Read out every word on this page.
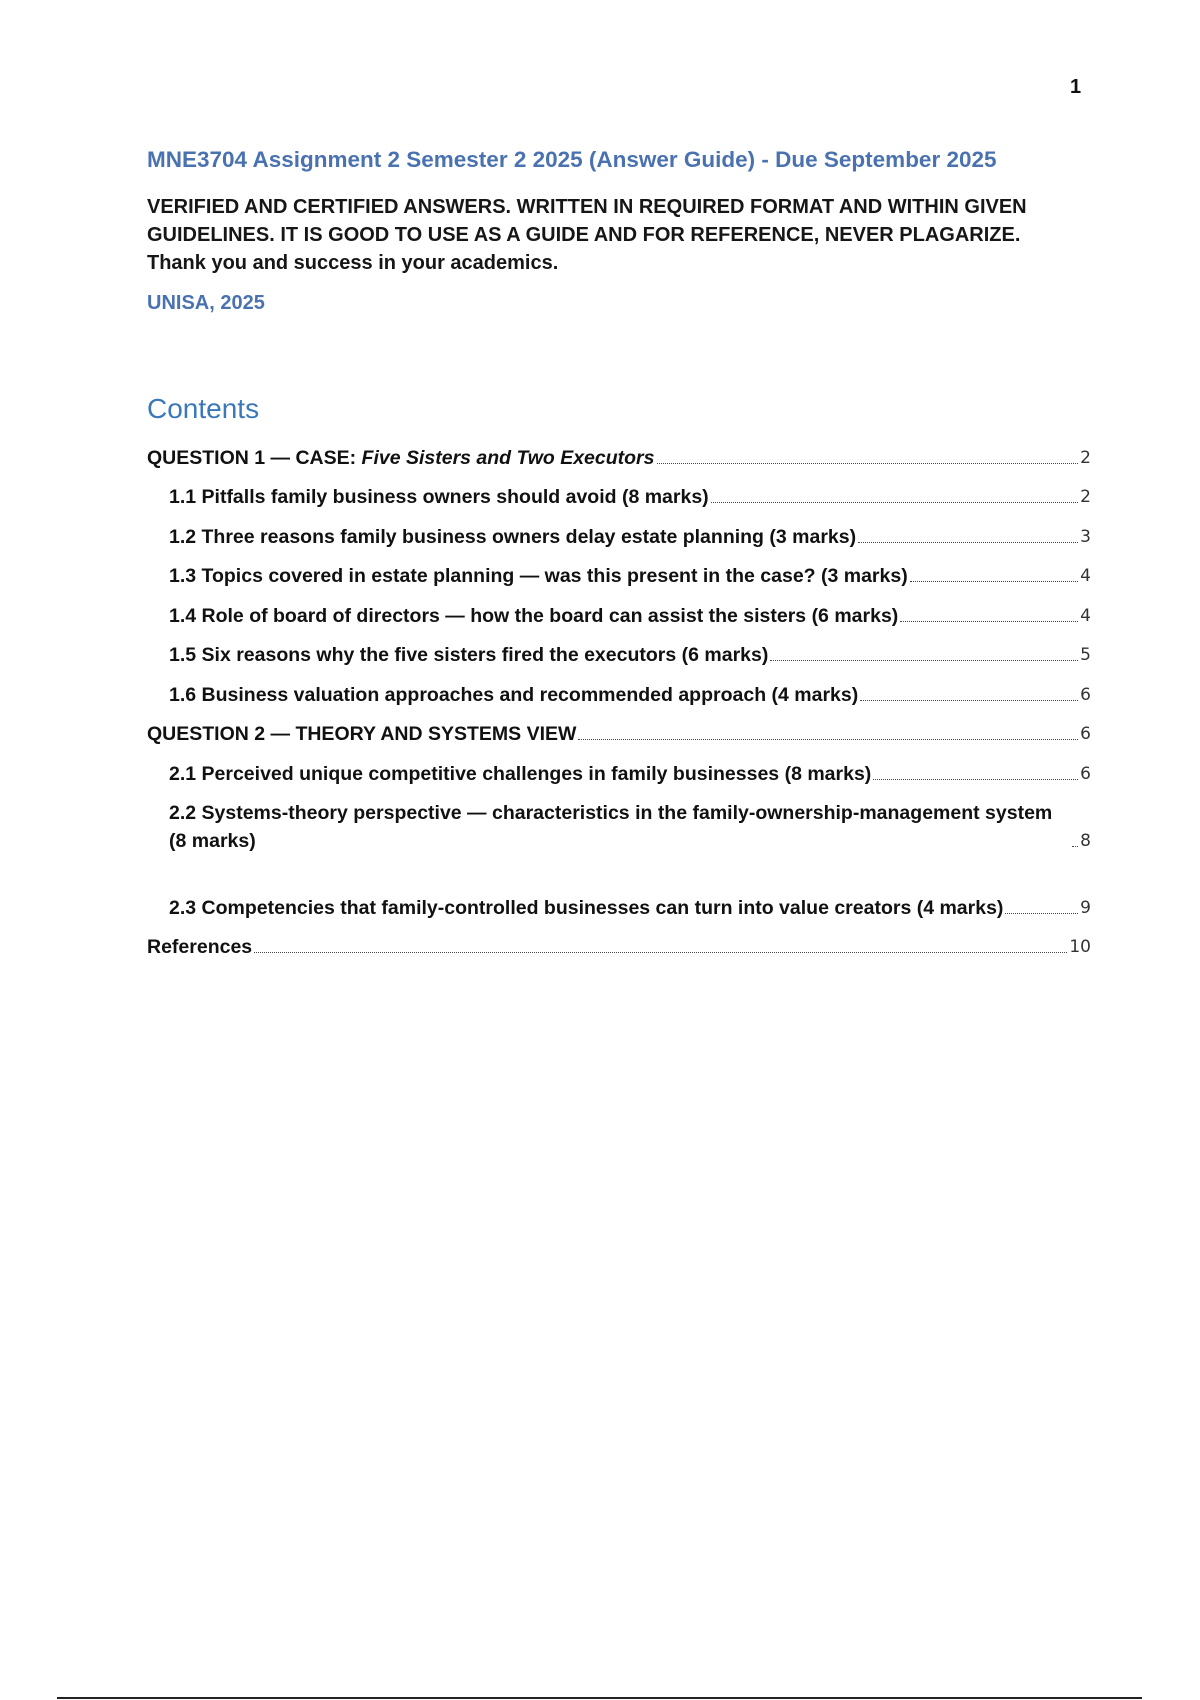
1
MNE3704 Assignment 2 Semester 2 2025 (Answer Guide) - Due September 2025
VERIFIED AND CERTIFIED ANSWERS. WRITTEN IN REQUIRED FORMAT AND WITHIN GIVEN GUIDELINES. IT IS GOOD TO USE AS A GUIDE AND FOR REFERENCE, NEVER PLAGARIZE. Thank you and success in your academics.
UNISA, 2025
Contents
QUESTION 1 — CASE: Five Sisters and Two Executors	2
1.1 Pitfalls family business owners should avoid (8 marks)	2
1.2 Three reasons family business owners delay estate planning (3 marks)	3
1.3 Topics covered in estate planning — was this present in the case? (3 marks)	4
1.4 Role of board of directors — how the board can assist the sisters (6 marks)	4
1.5 Six reasons why the five sisters fired the executors (6 marks)	5
1.6 Business valuation approaches and recommended approach (4 marks)	6
QUESTION 2 — THEORY AND SYSTEMS VIEW	6
2.1 Perceived unique competitive challenges in family businesses (8 marks)	6
2.2 Systems-theory perspective — characteristics in the family-ownership-management system (8 marks)	8
2.3 Competencies that family-controlled businesses can turn into value creators (4 marks)	9
References	10
